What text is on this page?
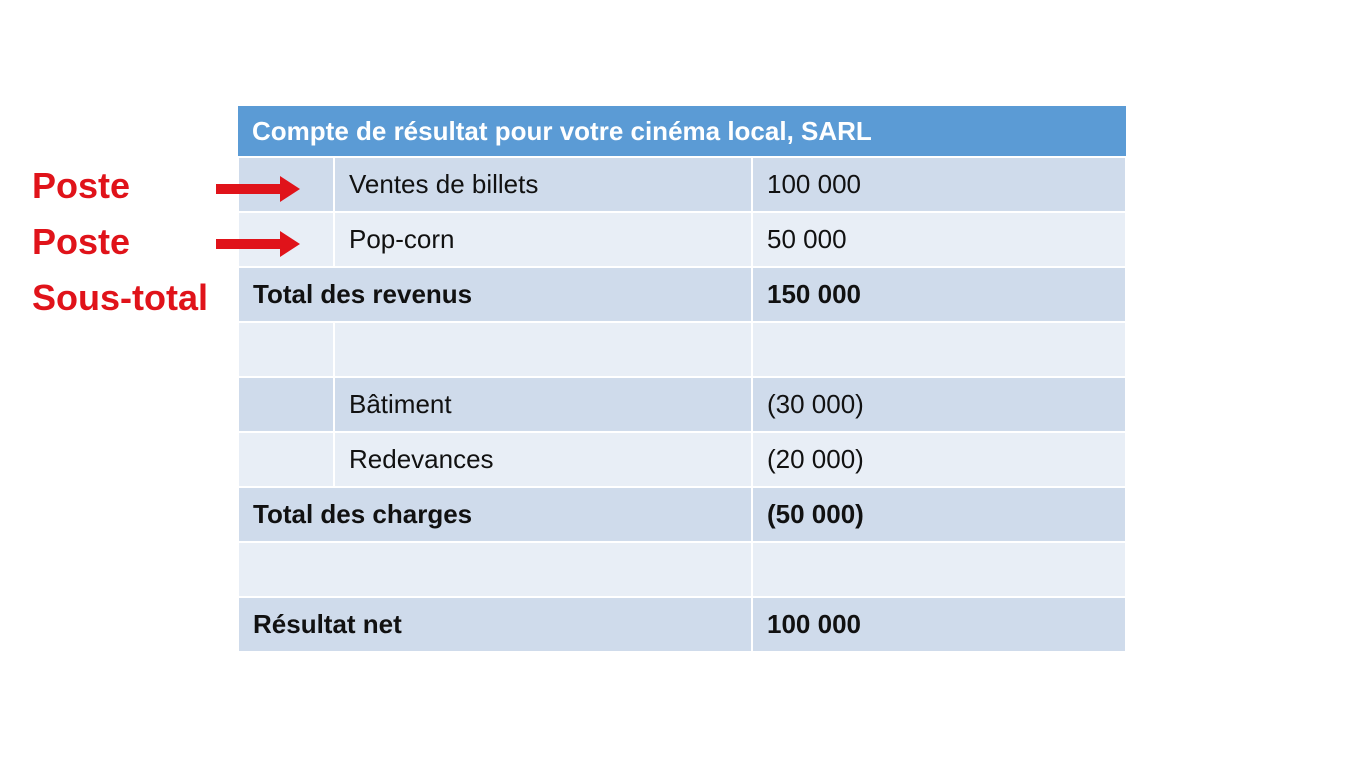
Compte de résultat pour votre cinéma local, SARL		
	Ventes de billets	100 000
	Pop-corn	50 000
Total des revenus		150 000

	Bâtiment	(30 000)
	Redevances	(20 000)
Total des charges		(50 000)

Résultat net		100 000
Poste
Poste
Sous-total
